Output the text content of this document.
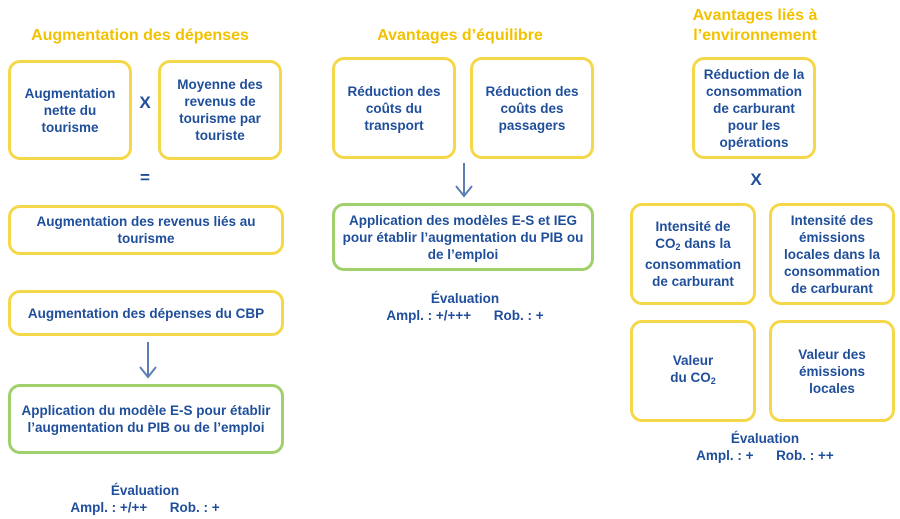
Augmentation des dépenses
Augmentation nette du tourisme
X
Moyenne des revenus de tourisme par touriste
=
Augmentation des revenus liés au tourisme
Augmentation des dépenses du CBP
Application du modèle E-S pour établir l’augmentation du PIB ou de l’emploi
Évaluation
Ampl. : +/++ Rob. : +
Avantages d’équilibre
Réduction des coûts du transport
Réduction des coûts des passagers
Application des modèles E-S et IEG pour établir l’augmentation du PIB ou de l’emploi
Évaluation
Ampl. : +/+++ Rob. : +
Avantages liés à
l’environnement
Réduction de la consommation de carburant pour les opérations
X
Intensité de
$CO_2$ dans la consommation de carburant
Intensité des émissions locales dans la consommation de carburant
Valeur
du $CO_2$
Valeur des émissions locales
Évaluation
Ampl. : + Rob. : ++
